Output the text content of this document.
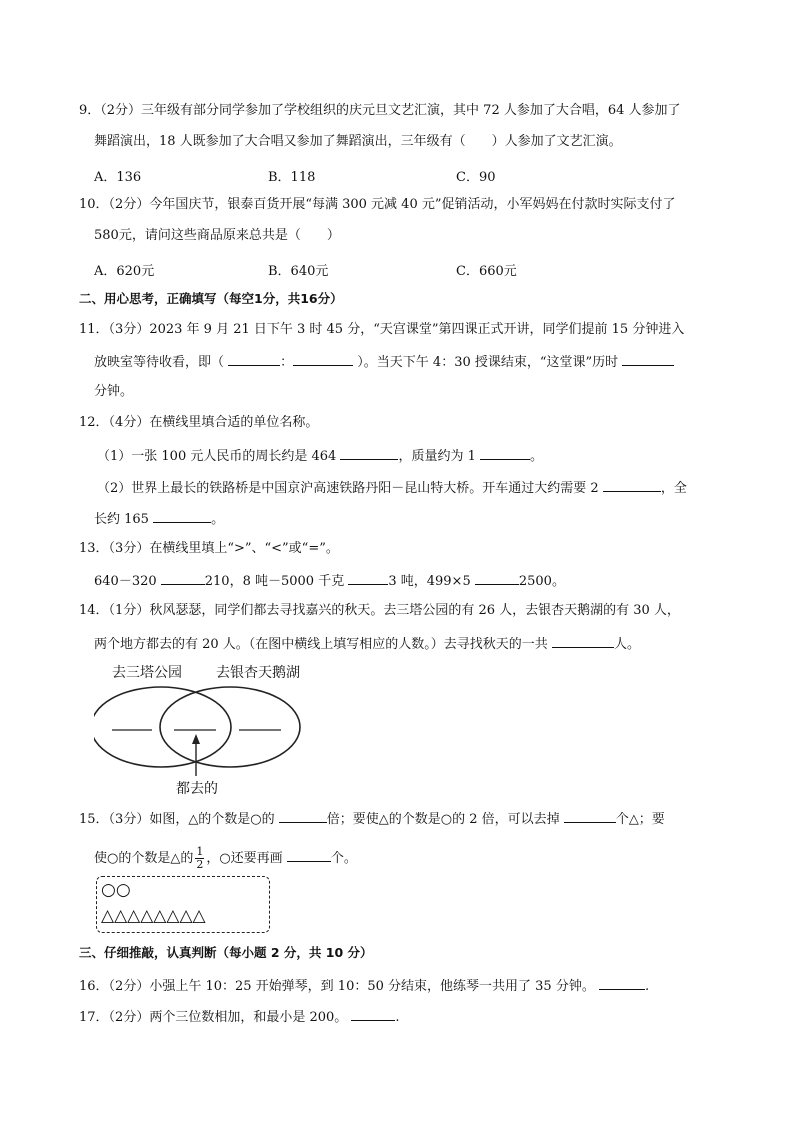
9．（2分）三年级有部分同学参加了学校组织的庆元旦文艺汇演，其中 72 人参加了大合唱，64 人参加了
舞蹈演出，18 人既参加了大合唱又参加了舞蹈演出，三年级有（　　）人参加了文艺汇演。
A．136	B．118	C．90
10．（2分）今年国庆节，银泰百货开展“每满 300 元减 40 元”促销活动，小军妈妈在付款时实际支付了
580元，请问这些商品原来总共是（　　）
A．620元	B．640元	C．660元
二、用心思考，正确填写（每空1分，共16分）
11．（3分）2023 年 9 月 21 日下午 3 时 45 分，“天宫课堂”第四课正式开讲，同学们提前 15 分钟进入
放映室等待收看，即（	：	）。当天下午 4：30 授课结束，“这堂课”历时
分钟。
12．（4分）在横线里填合适的单位名称。
（1）一张 100 元人民币的周长约是 464	，质量约为 1	。
（2）世界上最长的铁路桥是中国京沪高速铁路丹阳－昆山特大桥。开车通过大约需要 2	，全
长约 165	。
13．（3分）在横线里填上“>”、“<”或“=”。
640－320	210，8 吨－5000 千克	3 吨，499×5	2500。
14．（1分）秋风瑟瑟，同学们都去寻找嘉兴的秋天。去三塔公园的有 26 人，去银杏天鹅湖的有 30 人，
两个地方都去的有 20 人。（在图中横线上填写相应的人数。）去寻找秋天的一共	人。
去三塔公园 去银杏天鹅湖
都去的
15．（3分）如图，△的个数是○的	倍；要使△的个数是○的 2 倍，可以去掉	个△；要
使○的个数是△的 $\frac{1}{2}$ ，○还要再画	个。
○○
△△△△△△△△
三、仔细推敲，认真判断（每小题 2 分，共 10 分）
16．（2分）小强上午 10：25 开始弹琴，到 10：50 分结束，他练琴一共用了 35 分钟。	.
17．（2分）两个三位数相加，和最小是 200。	.
